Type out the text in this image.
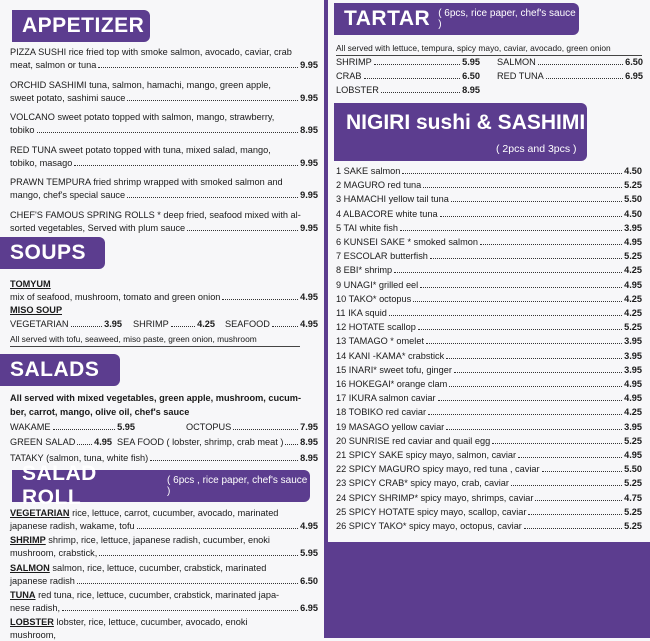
APPETIZER
PIZZA SUSHI rice fried top with smoke salmon, avocado, caviar, crab
meat, salmon or tuna	9.95
ORCHID SASHIMI tuna, salmon, hamachi, mango, green apple,
sweet potato, sashimi sauce	9.95
VOLCANO sweet potato topped with salmon, mango, strawberry,
tobiko	8.95
RED TUNA sweet potato topped with tuna, mixed salad, mango,
tobiko, masago	9.95
PRAWN TEMPURA fried shrimp wrapped with smoked salmon and
mango, chef's special sauce	9.95
CHEF'S FAMOUS SPRING ROLLS * deep fried, seafood mixed with al-
sorted vegetables, Served with plum sauce	9.95
SOUPS
TOMYUM
mix of seafood, mushroom, tomato and green onion	4.95
MISO SOUP
VEGETARIAN	3.95 SHRIMP	4.25 SEAFOOD	4.95
All served with tofu, seaweed, miso paste, green onion, mushroom
SALADS
All served with mixed vegetables, green apple, mushroom, cucum-
ber, carrot, mango, olive oil, chef's sauce
WAKAME	5.95	OCTOPUS	7.95
GREEN SALAD 4.95 SEA FOOD ( lobster, shrimp, crab meat ) 8.95
TATAKY (salmon, tuna, white fish)	8.95
SALAD ROLL
( 6pcs , rice paper, chef's sauce )
VEGETARIAN rice, lettuce, carrot, cucumber, avocado, marinated
japanese radish, wakame, tofu	4.95
SHRIMP shrimp, rice, lettuce, japanese radish, cucumber, enoki
mushroom, crabstick,	5.95
SALMON salmon, rice, lettuce, cucumber, crabstick, marinated
japanese radish	6.50
TUNA red tuna, rice, lettuce, cucumber, crabstick, marinated japa-
nese radish,	6.95
LOBSTER lobster, rice, lettuce, cucumber, avocado, enoki
mushroom,
TARTAR ( 6pcs, rice paper, chef's sauce )
All served with lettuce, tempura, spicy mayo, caviar, avocado, green onion
SHRIMP	5.95 SALMON	6.50
CRAB	6.50 RED TUNA	6.95
LOBSTER	8.95
NIGIRI sushi & SASHIMI
( 2pcs and 3pcs )
1 SAKE salmon	4.50
2 MAGURO red tuna	5.25
3 HAMACHI yellow tail tuna	5.50
4 ALBACORE white tuna	4.50
5 TAI white fish	3.95
6 KUNSEI SAKE * smoked salmon	4.95
7 ESCOLAR butterfish	5.25
8 EBI* shrimp	4.25
9 UNAGI* grilled eel	4.95
10 TAKO* octopus	4.25
11 IKA squid	4.25
12 HOTATE scallop	5.25
13 TAMAGO * omelet	3.95
14 KANI -KAMA* crabstick	3.95
15 INARI* sweet tofu, ginger	3.95
16 HOKEGAI* orange clam	4.95
17 IKURA salmon caviar	4.95
18 TOBIKO red caviar	4.25
19 MASAGO yellow caviar	3.95
20 SUNRISE red caviar and quail egg	5.25
21 SPICY SAKE spicy mayo, salmon, caviar	4.95
22 SPICY MAGURO spicy mayo, red tuna , caviar	5.50
23 SPICY CRAB* spicy mayo, crab, caviar	5.25
24 SPICY SHRIMP* spicy mayo, shrimps, caviar	4.75
25 SPICY HOTATE spicy mayo, scallop, caviar	5.25
26 SPICY TAKO* spicy mayo, octopus, caviar	5.25
